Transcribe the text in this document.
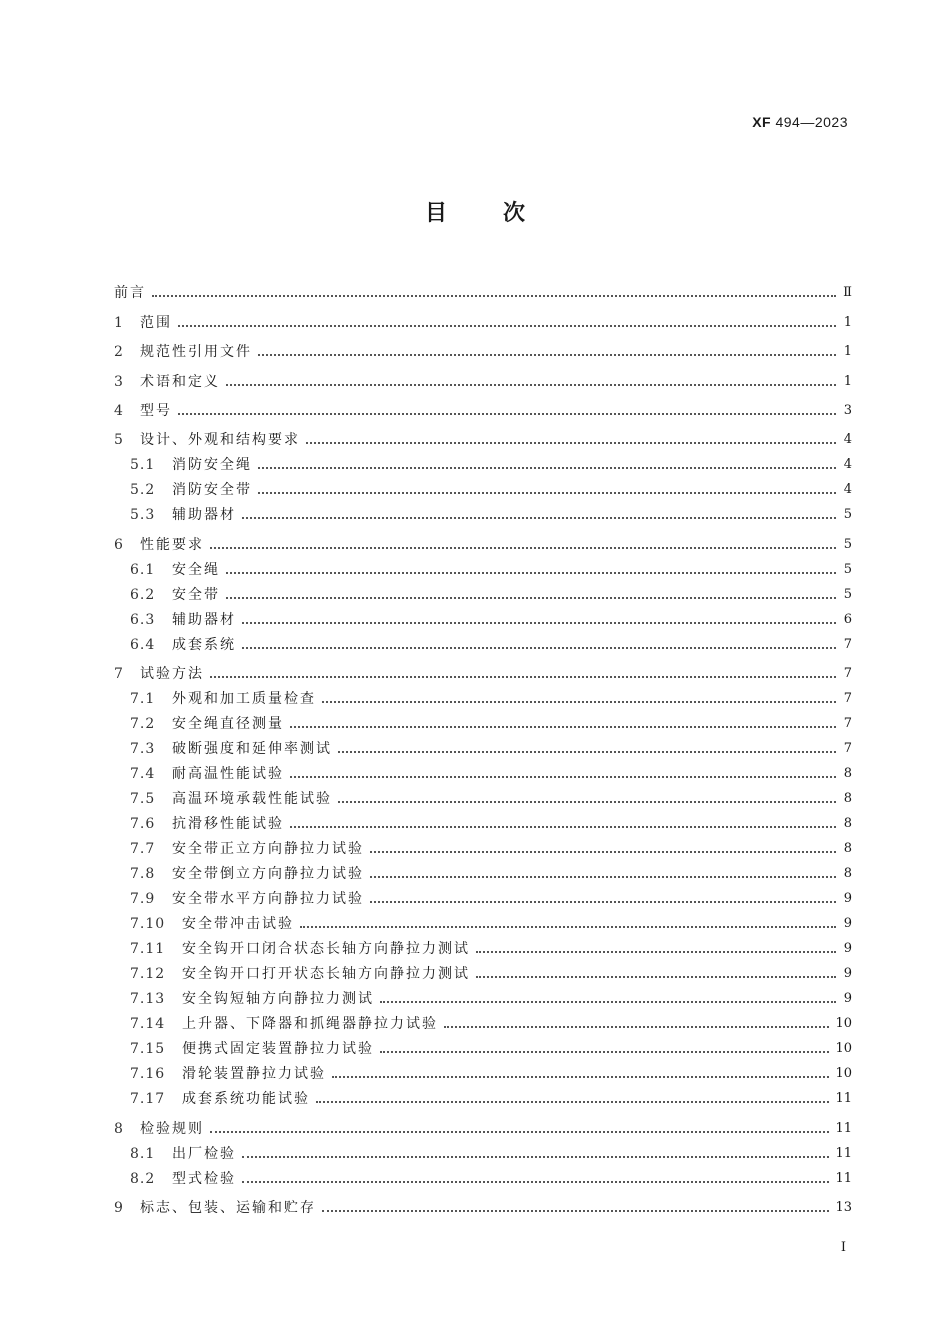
XF 494—2023
目次
前言	Ⅱ
1	范围	1
2	规范性引用文件	1
3	术语和定义	1
4	型号	3
5	设计、外观和结构要求	4
5.1	消防安全绳	4
5.2	消防安全带	4
5.3	辅助器材	5
6	性能要求	5
6.1	安全绳	5
6.2	安全带	5
6.3	辅助器材	6
6.4	成套系统	7
7	试验方法	7
7.1	外观和加工质量检查	7
7.2	安全绳直径测量	7
7.3	破断强度和延伸率测试	7
7.4	耐高温性能试验	8
7.5	高温环境承载性能试验	8
7.6	抗滑移性能试验	8
7.7	安全带正立方向静拉力试验	8
7.8	安全带倒立方向静拉力试验	8
7.9	安全带水平方向静拉力试验	9
7.10	安全带冲击试验	9
7.11	安全钩开口闭合状态长轴方向静拉力测试	9
7.12	安全钩开口打开状态长轴方向静拉力测试	9
7.13	安全钩短轴方向静拉力测试	9
7.14	上升器、下降器和抓绳器静拉力试验	10
7.15	便携式固定装置静拉力试验	10
7.16	滑轮装置静拉力试验	10
7.17	成套系统功能试验	11
8	检验规则	11
8.1	出厂检验	11
8.2	型式检验	11
9	标志、包装、运输和贮存	13
Ⅰ
